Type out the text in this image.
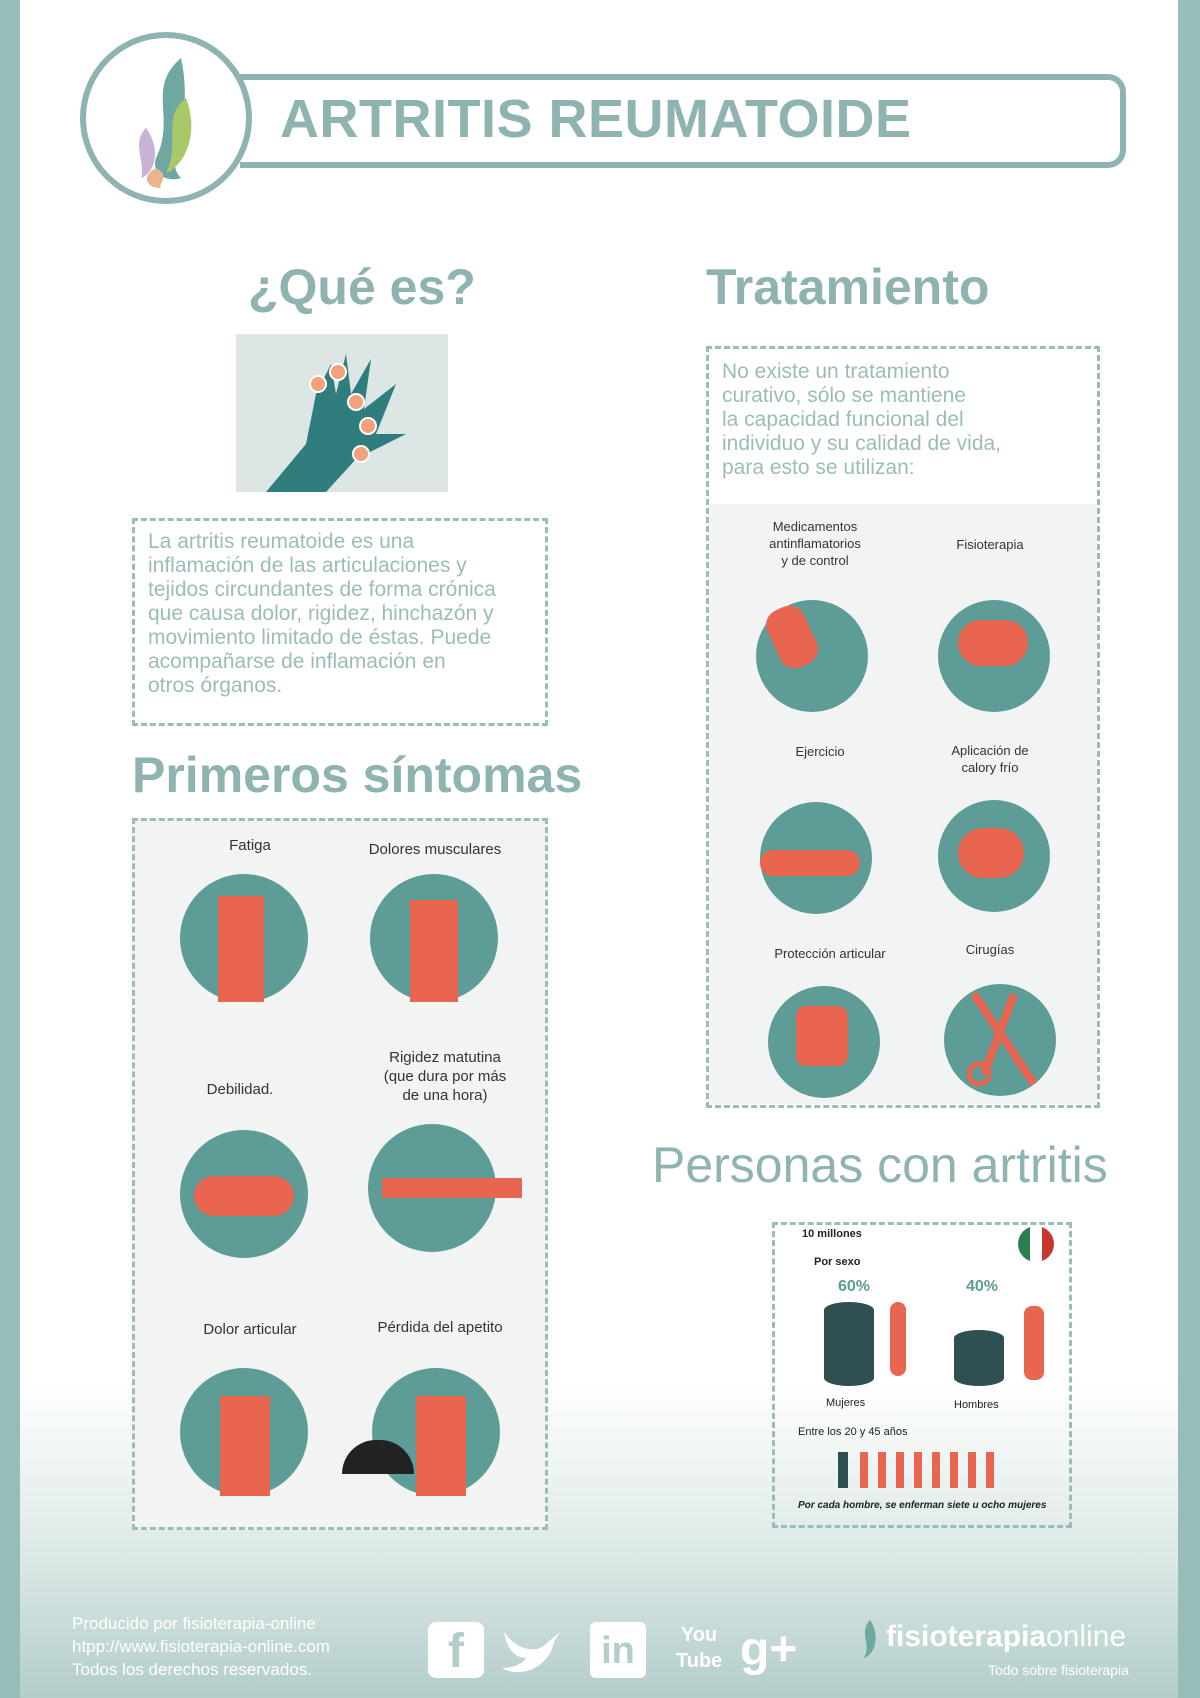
ARTRITIS REUMATOIDE
¿Qué es?
La artritis reumatoide es una
inflamación de las articulaciones y
tejidos circundantes de forma crónica
que causa dolor, rigidez, hinchazón y
movimiento limitado de éstas. Puede
acompañarse de inflamación en
otros órganos.
Primeros síntomas
Fatiga	Dolores musculares
Debilidad.
Rigidez matutina
(que dura por más
de una hora)
Dolor articular	Pérdida del apetito
Tratamiento
No existe un tratamiento
curativo, sólo se mantiene
la capacidad funcional del
individuo y su calidad de vida,
para esto se utilizan:
Medicamentos
antinflamatorios
y de control
Fisioterapia
Ejercicio	Aplicación de
calory frío
Protección articular	Cirugías
Personas con artritis
10 millones
Por sexo
60%	40%
Mujeres	Hombres
Entre los 20 y 45 años
Por cada hombre, se enferman siete u ocho mujeres
Producido por fisioterapia-online
htpp://www.fisioterapia-online.com
Todos los derechos reservados.	f	in	You
Tube g+	fisioterapiaonline
Todo sobre fisioterapia
